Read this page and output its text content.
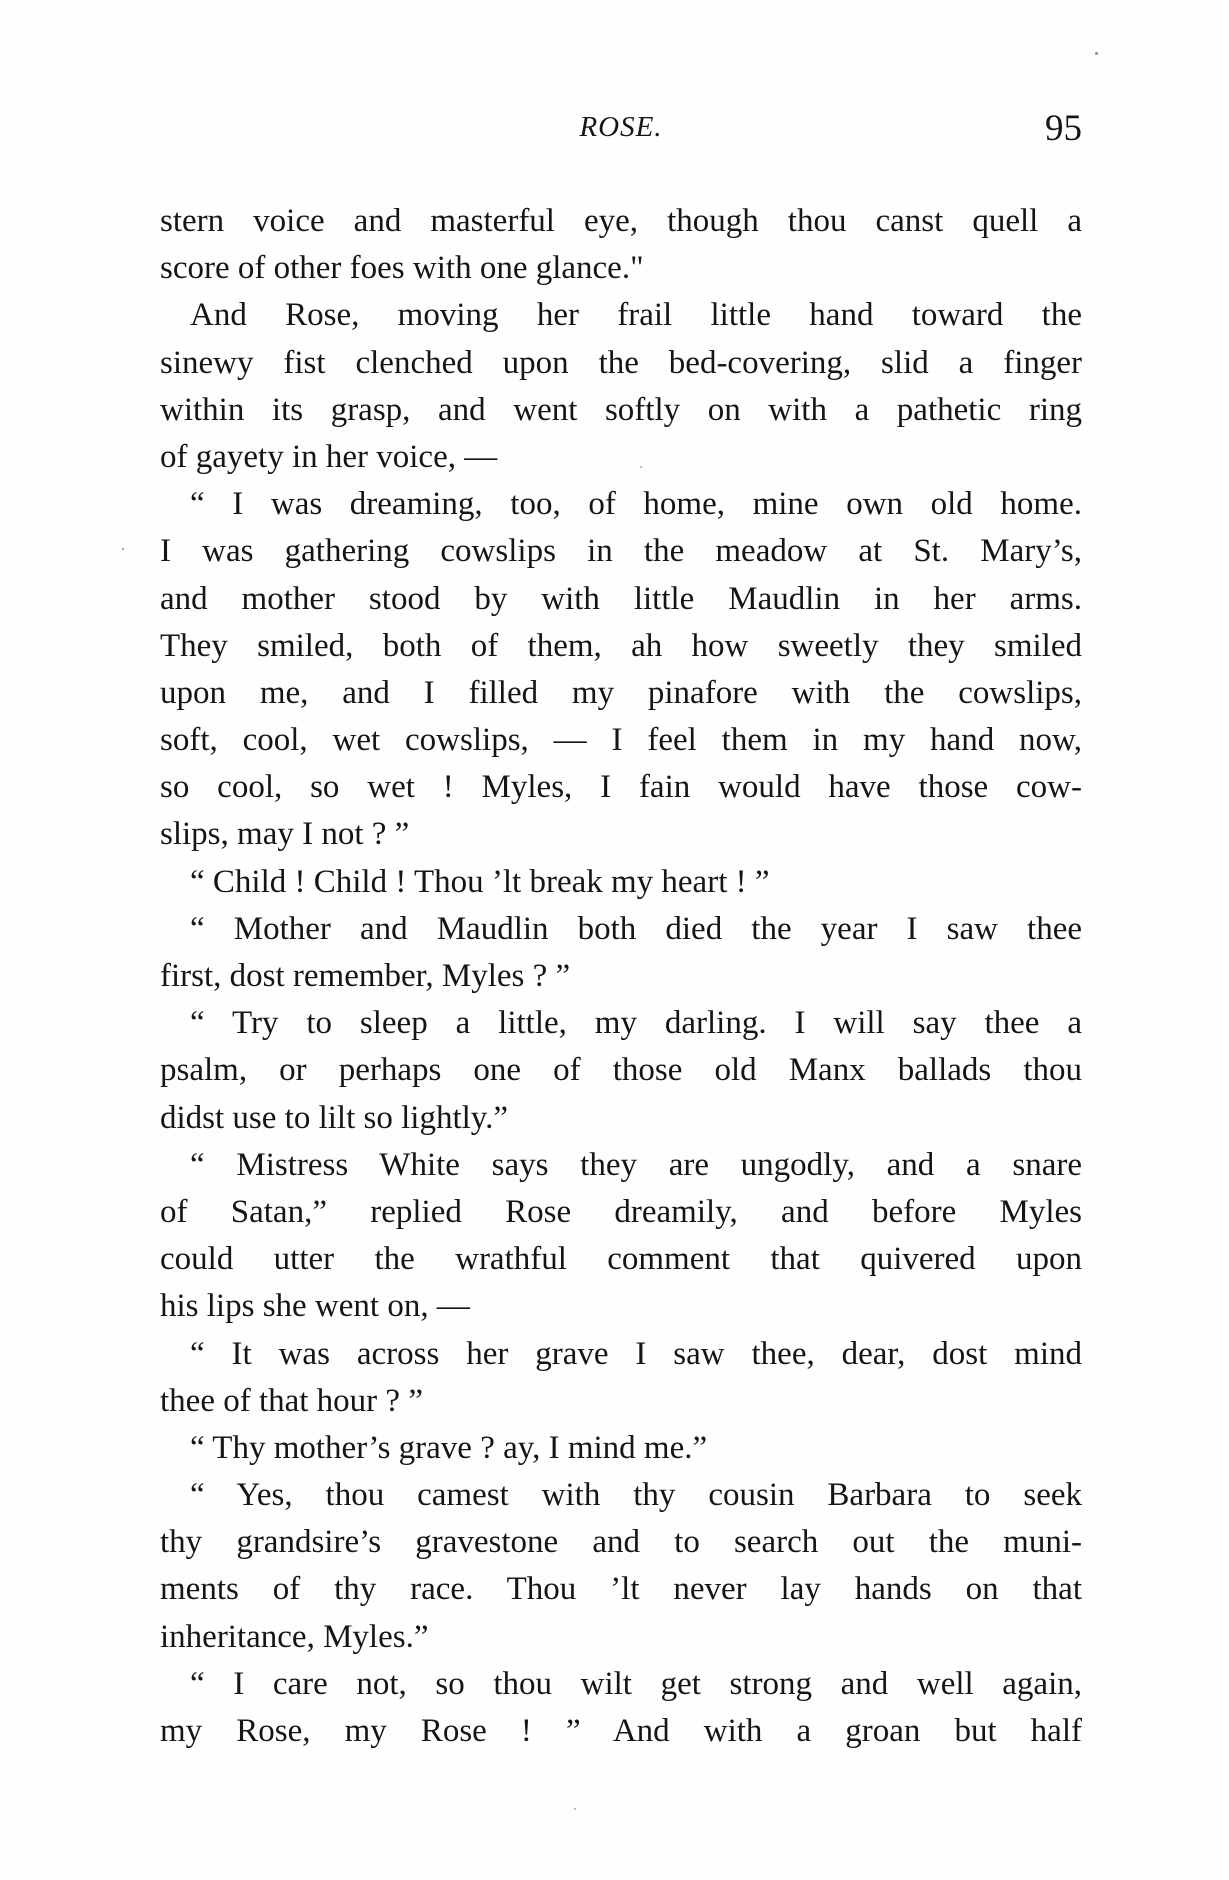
ROSE.	95
stern voice and masterful eye, though thou canst quell a
score of other foes with one glance."
And Rose, moving her frail little hand toward the
sinewy fist clenched upon the bed-covering, slid a finger
within its grasp, and went softly on with a pathetic ring
of gayety in her voice, —
“ I was dreaming, too, of home, mine own old home.
I was gathering cowslips in the meadow at St. Mary’s,
and mother stood by with little Maudlin in her arms.
They smiled, both of them, ah how sweetly they smiled
upon me, and I filled my pinafore with the cowslips,
soft, cool, wet cowslips, — I feel them in my hand now,
so cool, so wet ! Myles, I fain would have those cow-
slips, may I not ? ”
“ Child ! Child ! Thou ’lt break my heart ! ”
“ Mother and Maudlin both died the year I saw thee
first, dost remember, Myles ? ”
“ Try to sleep a little, my darling. I will say thee a
psalm, or perhaps one of those old Manx ballads thou
didst use to lilt so lightly.”
“ Mistress White says they are ungodly, and a snare
of Satan,” replied Rose dreamily, and before Myles
could utter the wrathful comment that quivered upon
his lips she went on, —
“ It was across her grave I saw thee, dear, dost mind
thee of that hour ? ”
“ Thy mother’s grave ? ay, I mind me.”
“ Yes, thou camest with thy cousin Barbara to seek
thy grandsire’s gravestone and to search out the muni-
ments of thy race. Thou ’lt never lay hands on that
inheritance, Myles.”
“ I care not, so thou wilt get strong and well again,
my Rose, my Rose ! ” And with a groan but half
